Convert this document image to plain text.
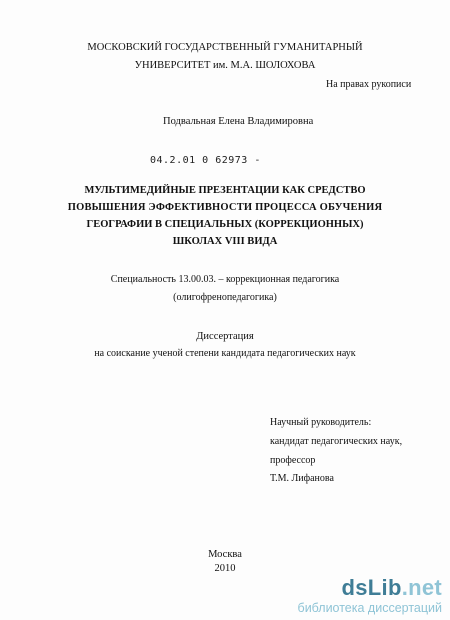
МОСКОВСКИЙ ГОСУДАРСТВЕННЫЙ ГУМАНИТАРНЫЙ
УНИВЕРСИТЕТ им. М.А. ШОЛОХОВА
На правах рукописи
Подвальная Елена Владимировна
04.2.01 0 62973 -
МУЛЬТИМЕДИЙНЫЕ ПРЕЗЕНТАЦИИ КАК СРЕДСТВО
ПОВЫШЕНИЯ ЭФФЕКТИВНОСТИ ПРОЦЕССА ОБУЧЕНИЯ
ГЕОГРАФИИ В СПЕЦИАЛЬНЫХ (КОРРЕКЦИОННЫХ)
ШКОЛАХ VIII ВИДА
Специальность 13.00.03. – коррекционная педагогика
(олигофренопедагогика)
Диссертация
на соискание ученой степени кандидата педагогических наук
Научный руководитель:
кандидат педагогических наук,
профессор
Т.М. Лифанова
Москва
2010
dsLib.net
библиотека диссертаций
